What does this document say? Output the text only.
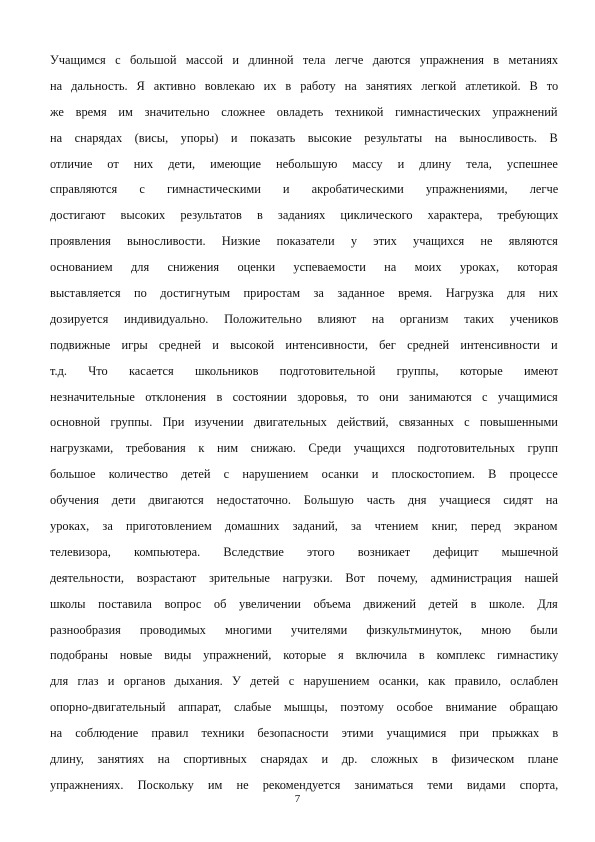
Учащимся с большой массой и длинной тела легче даются упражнения в метаниях
на дальность. Я активно вовлекаю их в работу на занятиях легкой атлетикой. В то
же время им значительно сложнее овладеть техникой гимнастических упражнений
на снарядах (висы, упоры) и показать высокие результаты на выносливость. В
отличие от них дети, имеющие небольшую массу и длину тела, успешнее
справляются с гимнастическими и акробатическими упражнениями, легче
достигают высоких результатов в заданиях циклического характера, требующих
проявления выносливости. Низкие показатели у этих учащихся не являются
основанием для снижения оценки успеваемости на моих уроках, которая
выставляется по достигнутым приростам за заданное время. Нагрузка для них
дозируется индивидуально. Положительно влияют на организм таких учеников
подвижные игры средней и высокой интенсивности, бег средней интенсивности и
т.д. Что касается школьников подготовительной группы, которые имеют
незначительные отклонения в состоянии здоровья, то они занимаются с учащимися
основной группы. При изучении двигательных действий, связанных с повышенными
нагрузками, требования к ним снижаю. Среди учащихся подготовительных групп
большое количество детей с нарушением осанки и плоскостопием. В процессе
обучения дети двигаются недостаточно. Большую часть дня учащиеся сидят на
уроках, за приготовлением домашних заданий, за чтением книг, перед экраном
телевизора, компьютера. Вследствие этого возникает дефицит мышечной
деятельности, возрастают зрительные нагрузки. Вот почему, администрация нашей
школы поставила вопрос об увеличении объема движений детей в школе. Для
разнообразия проводимых многими учителями физкультминуток, мною были
подобраны новые виды упражнений, которые я включила в комплекс гимнастику
для глаз и органов дыхания. У детей с нарушением осанки, как правило, ослаблен
опорно-двигательный аппарат, слабые мышцы, поэтому особое внимание обращаю
на соблюдение правил техники безопасности этими учащимися при прыжках в
длину, занятиях на спортивных снарядах и др. сложных в физическом плане
упражнениях. Поскольку им не рекомендуется заниматься теми видами спорта,
7
